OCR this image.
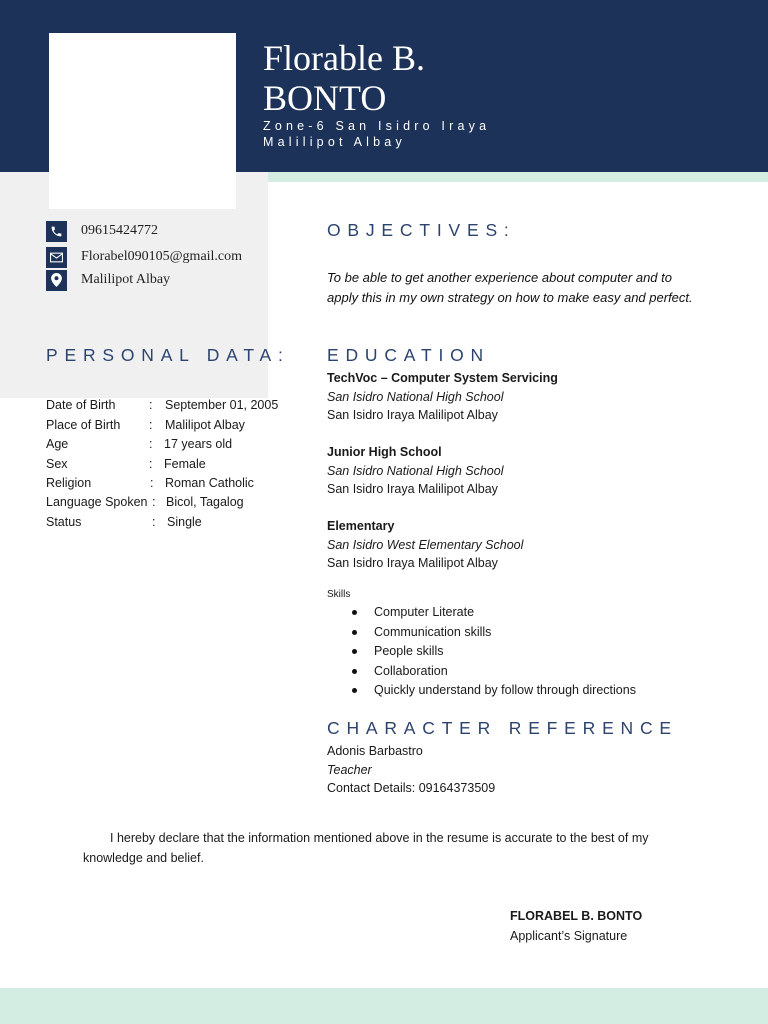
Florable B.
BONTO
Zone-6 San Isidro Iraya
Malilipot Albay
09615424772
Florabel090105@gmail.com
Malilipot Albay
OBJECTIVES:
To be able to get another experience about computer and to apply this in my own strategy on how to make easy and perfect.
PERSONAL DATA:
Date of Birth	: September 01, 2005
Place of Birth : Malilipot Albay
Age	: 17 years old
Sex	: Female
Religion	: Roman Catholic
Language Spoken : Bicol, Tagalog
Status	: Single
EDUCATION
TechVoc – Computer System Servicing
San Isidro National High School
San Isidro Iraya Malilipot Albay
Junior High School
San Isidro National High School
San Isidro Iraya Malilipot Albay
Elementary
San Isidro West Elementary School
San Isidro Iraya Malilipot Albay
Skills
Computer Literate
Communication skills
People skills
Collaboration
Quickly understand by follow through directions
CHARACTER REFERENCE
Adonis Barbastro
Teacher
Contact Details: 09164373509
I hereby declare that the information mentioned above in the resume is accurate to the best of my knowledge and belief.
FLORABEL B. BONTO
Applicant’s Signature
